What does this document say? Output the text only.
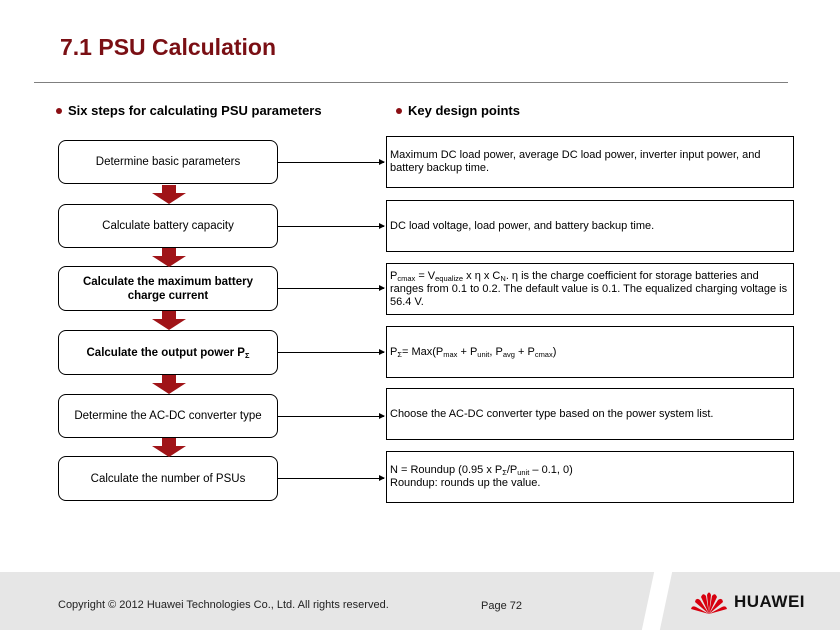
7.1 PSU Calculation
Six steps for calculating PSU parameters	Key design points
Determine basic parameters
Calculate battery capacity
Calculate the maximum battery charge current
Calculate the output power $P_\Sigma$
Determine the AC-DC converter type
Calculate the number of PSUs
Maximum DC load power, average DC load power, inverter input power, and battery backup time.
DC load voltage, load power, and battery backup time.
$P_{cmax} = V_{equalize}$ x η x $C_N$. η is the charge coefficient for storage batteries and ranges from 0.1 to 0.2. The default value is 0.1. The equalized charging voltage is 56.4 V.
$P_\Sigma= Max(P_{max} + P_{unit}$, $P_{avg} + P_{cmax}$)
Choose the AC-DC converter type based on the power system list.
N = Roundup (0.95 x $P_\Sigma/P_{unit} - 0.1$, 0)
Roundup: rounds up the value.
Copyright © 2012 Huawei Technologies Co., Ltd. All rights reserved.	Page 72	HUAWEI
